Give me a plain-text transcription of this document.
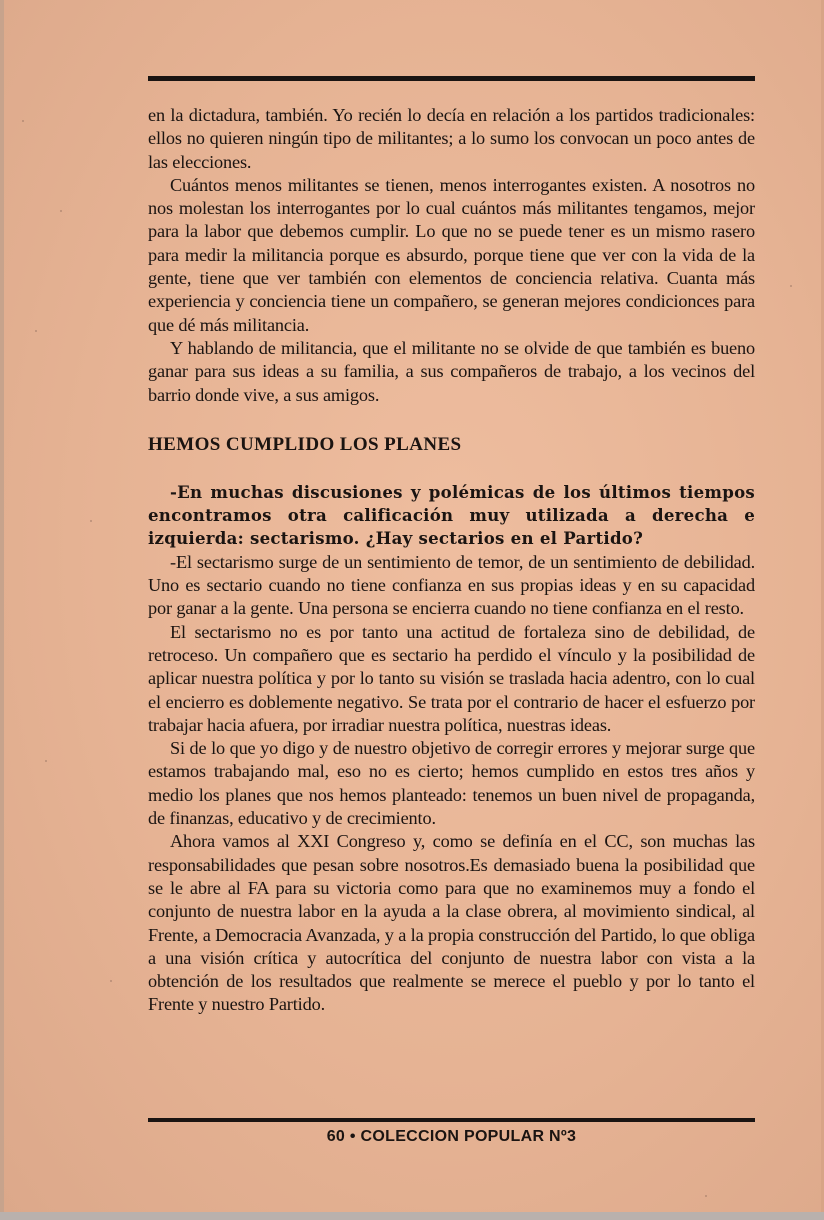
en la dictadura, también. Yo recién lo decía en relación a los partidos tradicionales: ellos no quieren ningún tipo de militantes; a lo sumo los convocan un poco antes de las elecciones.

Cuántos menos militantes se tienen, menos interrogantes existen. A nosotros no nos molestan los interrogantes por lo cual cuántos más militantes tengamos, mejor para la labor que debemos cumplir. Lo que no se puede tener es un mismo rasero para medir la militancia porque es absurdo, porque tiene que ver con la vida de la gente, tiene que ver también con elementos de conciencia relativa. Cuanta más experiencia y conciencia tiene un compañero, se generan mejores condicionces para que dé más militancia.

Y hablando de militancia, que el militante no se olvide de que también es bueno ganar para sus ideas a su familia, a sus compañeros de trabajo, a los vecinos del barrio donde vive, a sus amigos.

HEMOS CUMPLIDO LOS PLANES

-En muchas discusiones y polémicas de los últimos tiempos encontramos otra calificación muy utilizada a derecha e izquierda: sectarismo. ¿Hay sectarios en el Partido?

-El sectarismo surge de un sentimiento de temor, de un sentimiento de debilidad. Uno es sectario cuando no tiene confianza en sus propias ideas y en su capacidad por ganar a la gente. Una persona se encierra cuando no tiene confianza en el resto.

El sectarismo no es por tanto una actitud de fortaleza sino de debilidad, de retroceso. Un compañero que es sectario ha perdido el vínculo y la posibilidad de aplicar nuestra política y por lo tanto su visión se traslada hacia adentro, con lo cual el encierro es doblemente negativo. Se trata por el contrario de hacer el esfuerzo por trabajar hacia afuera, por irradiar nuestra política, nuestras ideas.

Si de lo que yo digo y de nuestro objetivo de corregir errores y mejorar surge que estamos trabajando mal, eso no es cierto; hemos cumplido en estos tres años y medio los planes que nos hemos planteado: tenemos un buen nivel de propaganda, de finanzas, educativo y de crecimiento.

Ahora vamos al XXI Congreso y, como se definía en el CC, son muchas las responsabilidades que pesan sobre nosotros.Es demasiado buena la posibilidad que se le abre al FA para su victoria como para que no examinemos muy a fondo el conjunto de nuestra labor en la ayuda a la clase obrera, al movimiento sindical, al Frente, a Democracia Avanzada, y a la propia construcción del Partido, lo que obliga a una visión crítica y autocrítica del conjunto de nuestra labor con vista a la obtención de los resultados que realmente se merece el pueblo y por lo tanto el Frente y nuestro Partido.

60 • COLECCION POPULAR Nº3
